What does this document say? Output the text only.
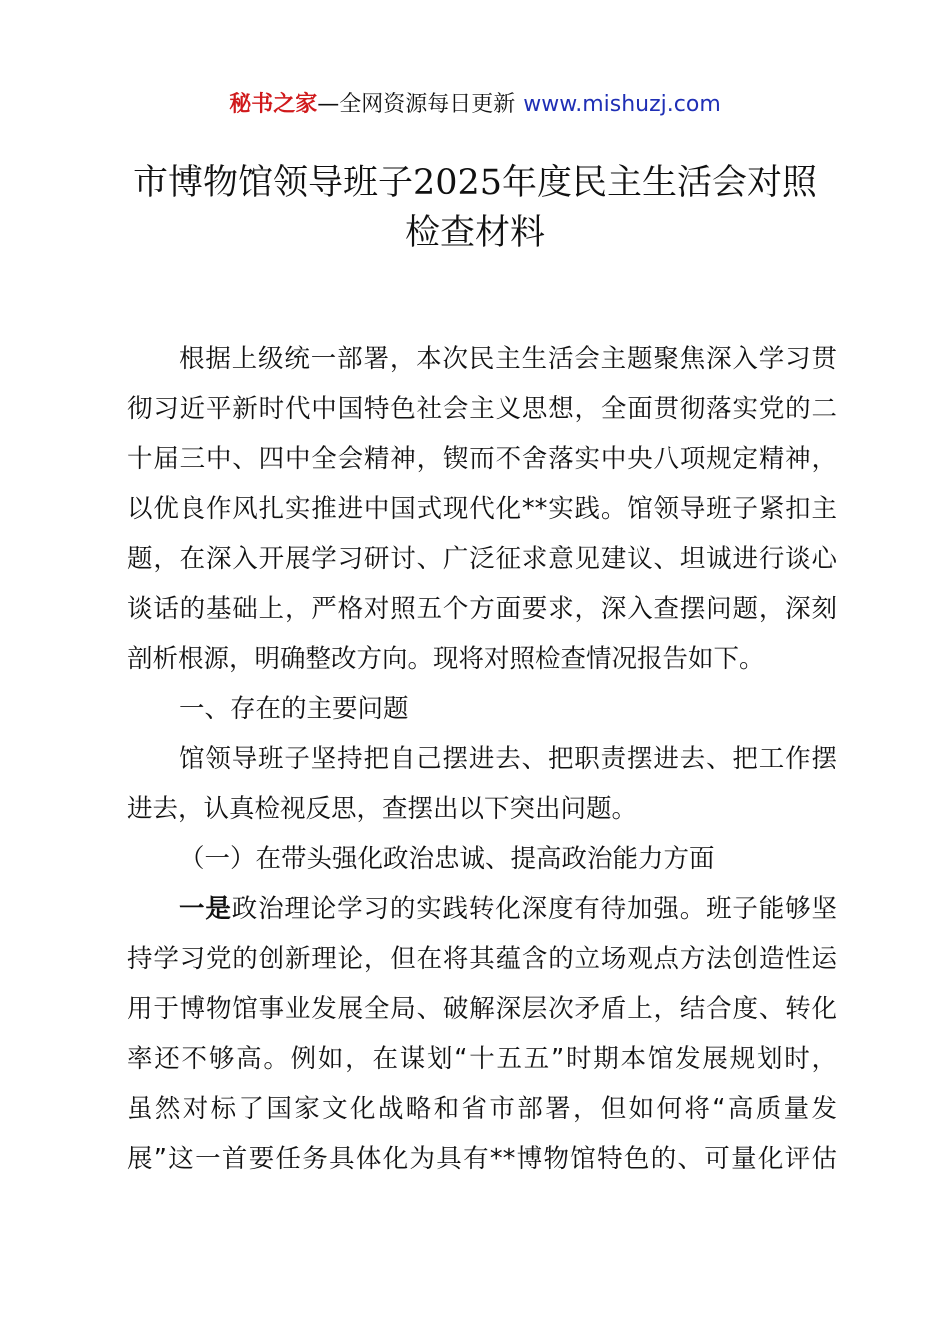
秘书之家—全网资源每日更新 www.mishuzj.com
市博物馆领导班子2025年度民主生活会对照
检查材料
根据上级统一部署，本次民主生活会主题聚焦深入学习贯
彻习近平新时代中国特色社会主义思想，全面贯彻落实党的二
十届三中、四中全会精神，锲而不舍落实中央八项规定精神，
以优良作风扎实推进中国式现代化**实践。馆领导班子紧扣主
题，在深入开展学习研讨、广泛征求意见建议、坦诚进行谈心
谈话的基础上，严格对照五个方面要求，深入查摆问题，深刻
剖析根源，明确整改方向。现将对照检查情况报告如下。
一、存在的主要问题
馆领导班子坚持把自己摆进去、把职责摆进去、把工作摆
进去，认真检视反思，查摆出以下突出问题。
（一）在带头强化政治忠诚、提高政治能力方面
一是政治理论学习的实践转化深度有待加强。班子能够坚
持学习党的创新理论，但在将其蕴含的立场观点方法创造性运
用于博物馆事业发展全局、破解深层次矛盾上，结合度、转化
率还不够高。例如，在谋划“十五五”时期本馆发展规划时，
虽然对标了国家文化战略和省市部署，但如何将“高质量发
展”这一首要任务具体化为具有**博物馆特色的、可量化评估
